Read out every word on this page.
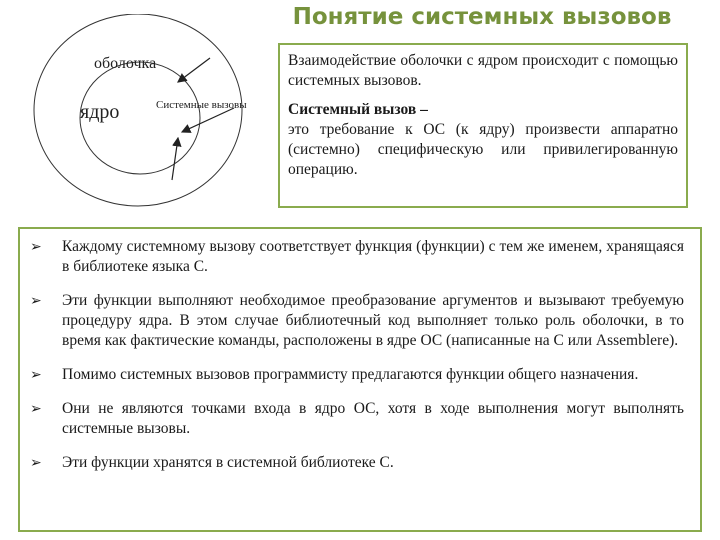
Понятие системных вызовов
оболочка
ядро	Системные вызовы

Взаимодействие оболочки с ядром происходит с помощью системных вызовов.

Системный вызов –

это требование к ОС (к ядру) произвести аппаратно (системно) специфическую или привилегированную операцию.

➢	Каждому системному вызову соответствует функция (функции) с тем же именем, хранящаяся в библиотеке языка С.
➢	Эти функции выполняют необходимое преобразование аргументов и вызывают требуемую процедуру ядра. В этом случае библиотечный код выполняет только роль оболочки, в то время как фактические команды, расположены в ядре ОС (написанные на С или Assemblere).
➢	Помимо системных вызовов программисту предлагаются функции общего назначения.
➢	Они не являются точками входа в ядро ОС, хотя в ходе выполнения могут выполнять системные вызовы.
➢	Эти функции хранятся в системной библиотеке С.
